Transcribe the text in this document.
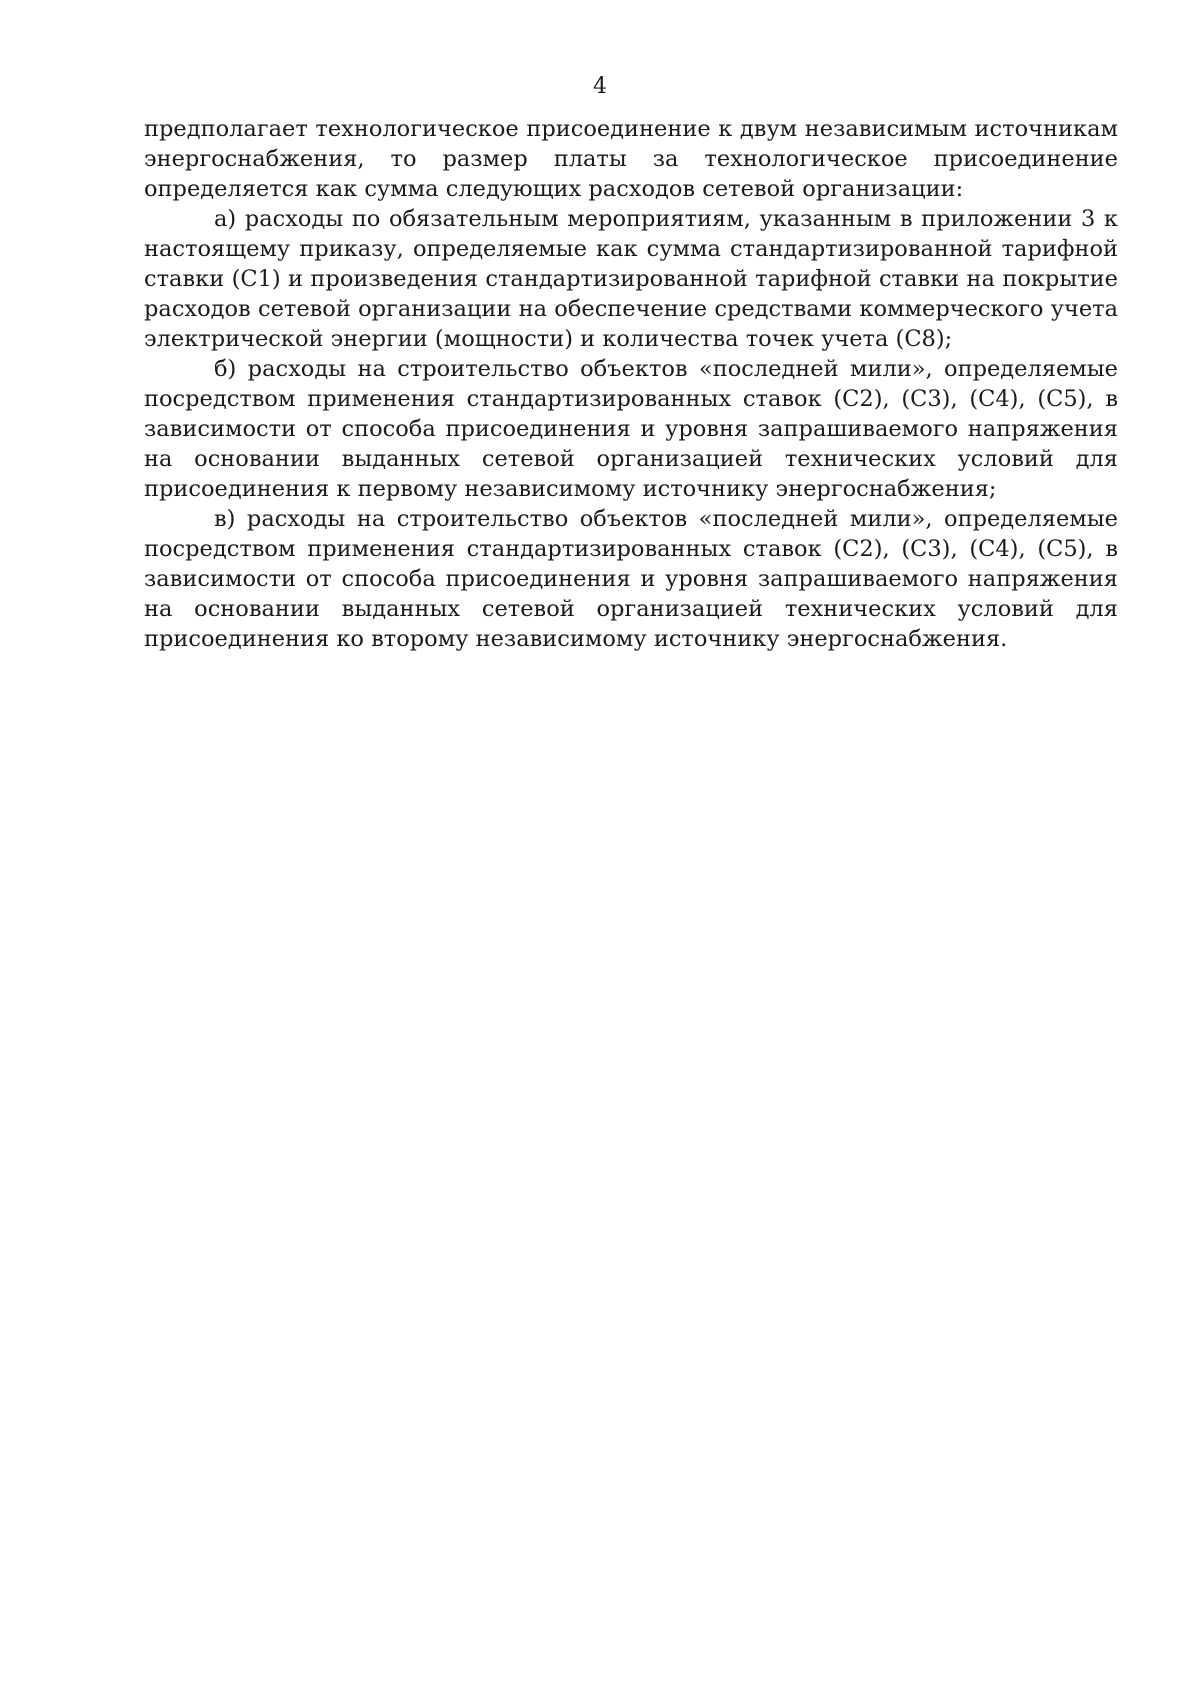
4

предполагает технологическое присоединение к двум независимым источникам энергоснабжения, то размер платы за технологическое присоединение определяется как сумма следующих расходов сетевой организации:

а) расходы по обязательным мероприятиям, указанным в приложении 3 к настоящему приказу, определяемые как сумма стандартизированной тарифной ставки (С1) и произведения стандартизированной тарифной ставки на покрытие расходов сетевой организации на обеспечение средствами коммерческого учета электрической энергии (мощности) и количества точек учета (С8);

б) расходы на строительство объектов «последней мили», определяемые посредством применения стандартизированных ставок (С2), (С3), (С4), (С5), в зависимости от способа присоединения и уровня запрашиваемого напряжения на основании выданных сетевой организацией технических условий для присоединения к первому независимому источнику энергоснабжения;

в) расходы на строительство объектов «последней мили», определяемые посредством применения стандартизированных ставок (С2), (С3), (С4), (С5), в зависимости от способа присоединения и уровня запрашиваемого напряжения на основании выданных сетевой организацией технических условий для присоединения ко второму независимому источнику энергоснабжения.
